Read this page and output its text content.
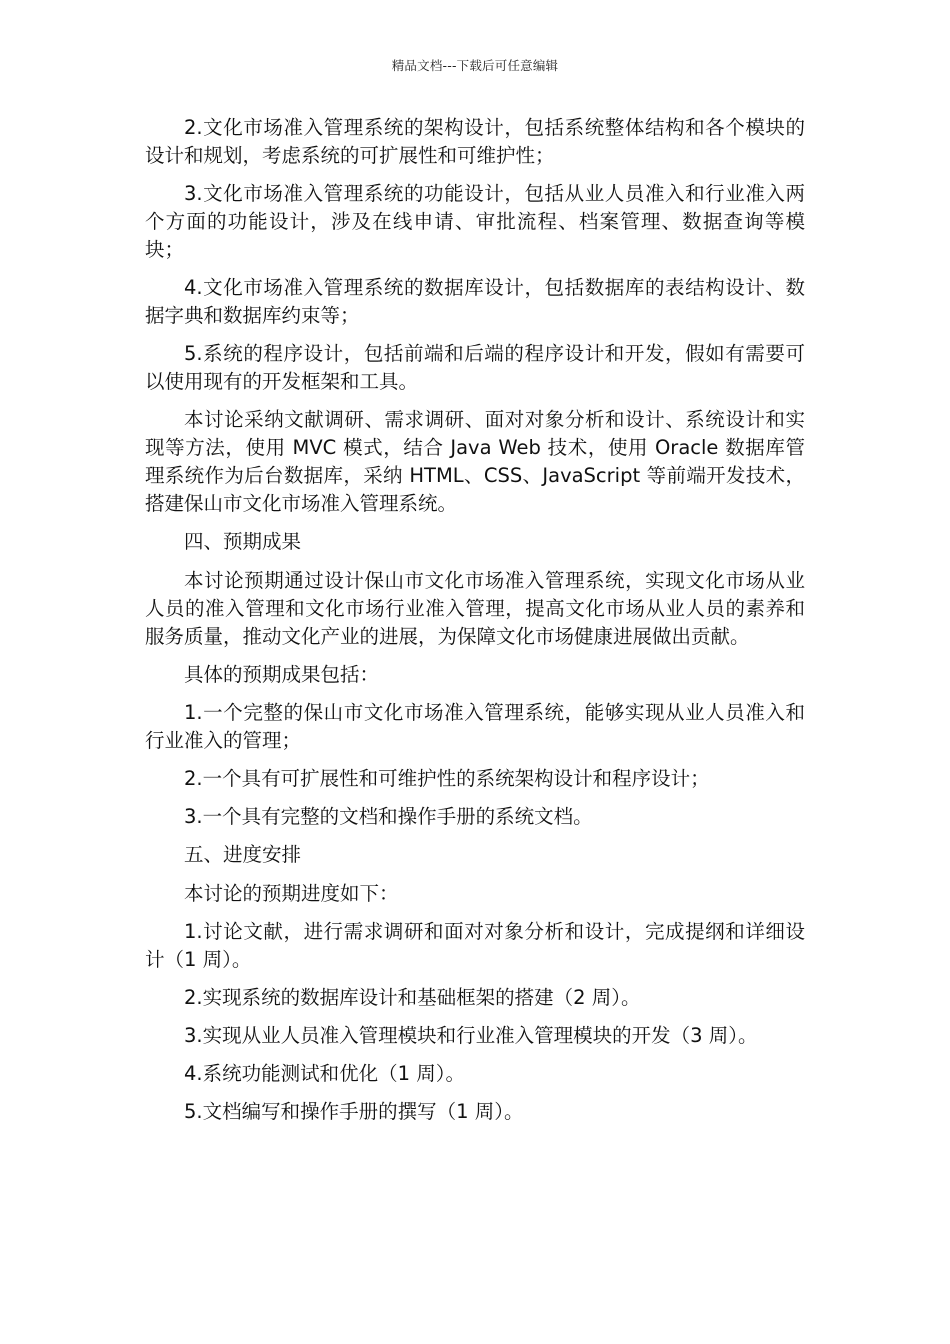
精品文档---下载后可任意编辑

2.文化市场准入管理系统的架构设计，包括系统整体结构和各个模块的设计和规划，考虑系统的可扩展性和可维护性；

3.文化市场准入管理系统的功能设计，包括从业人员准入和行业准入两个方面的功能设计，涉及在线申请、审批流程、档案管理、数据查询等模块；

4.文化市场准入管理系统的数据库设计，包括数据库的表结构设计、数据字典和数据库约束等；

5.系统的程序设计，包括前端和后端的程序设计和开发，假如有需要可以使用现有的开发框架和工具。

本讨论采纳文献调研、需求调研、面对对象分析和设计、系统设计和实现等方法，使用 MVC 模式，结合 Java Web 技术，使用 Oracle 数据库管理系统作为后台数据库，采纳 HTML、CSS、JavaScript 等前端开发技术，搭建保山市文化市场准入管理系统。

四、预期成果

本讨论预期通过设计保山市文化市场准入管理系统，实现文化市场从业人员的准入管理和文化市场行业准入管理，提高文化市场从业人员的素养和服务质量，推动文化产业的进展，为保障文化市场健康进展做出贡献。

具体的预期成果包括：

1.一个完整的保山市文化市场准入管理系统，能够实现从业人员准入和行业准入的管理；

2.一个具有可扩展性和可维护性的系统架构设计和程序设计；

3.一个具有完整的文档和操作手册的系统文档。

五、进度安排

本讨论的预期进度如下：

1.讨论文献，进行需求调研和面对对象分析和设计，完成提纲和详细设计（1 周）。

2.实现系统的数据库设计和基础框架的搭建（2 周）。

3.实现从业人员准入管理模块和行业准入管理模块的开发（3 周）。

4.系统功能测试和优化（1 周）。

5.文档编写和操作手册的撰写（1 周）。
